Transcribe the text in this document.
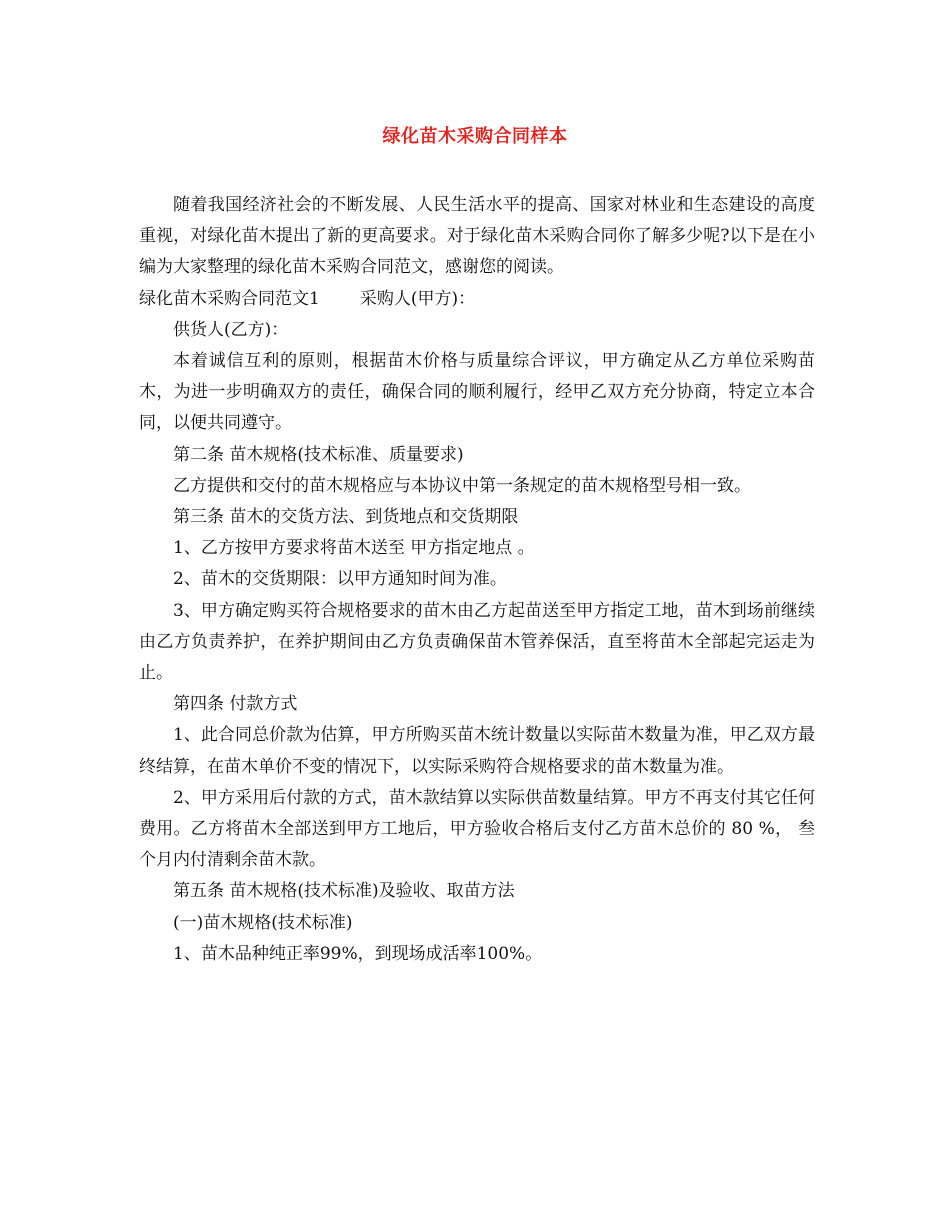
绿化苗木采购合同样本

随着我国经济社会的不断发展、人民生活水平的提高、国家对林业和生态建设的高度重视，对绿化苗木提出了新的更高要求。对于绿化苗木采购合同你了解多少呢?以下是在小编为大家整理的绿化苗木采购合同范文，感谢您的阅读。

绿化苗木采购合同范文1 采购人(甲方)：

供货人(乙方)：

本着诚信互利的原则，根据苗木价格与质量综合评议，甲方确定从乙方单位采购苗木，为进一步明确双方的责任，确保合同的顺利履行，经甲乙双方充分协商，特定立本合同，以便共同遵守。

第二条 苗木规格(技术标准、质量要求)

乙方提供和交付的苗木规格应与本协议中第一条规定的苗木规格型号相一致。

第三条 苗木的交货方法、到货地点和交货期限

1、乙方按甲方要求将苗木送至 甲方指定地点 。

2、苗木的交货期限：以甲方通知时间为准。

3、甲方确定购买符合规格要求的苗木由乙方起苗送至甲方指定工地，苗木到场前继续由乙方负责养护，在养护期间由乙方负责确保苗木管养保活，直至将苗木全部起完运走为止。

第四条 付款方式

1、此合同总价款为估算，甲方所购买苗木统计数量以实际苗木数量为准，甲乙双方最终结算，在苗木单价不变的情况下，以实际采购符合规格要求的苗木数量为准。

2、甲方采用后付款的方式，苗木款结算以实际供苗数量结算。甲方不再支付其它任何费用。乙方将苗木全部送到甲方工地后，甲方验收合格后支付乙方苗木总价的 80 %， 叁 个月内付清剩余苗木款。

第五条 苗木规格(技术标准)及验收、取苗方法

(一)苗木规格(技术标准)

1、苗木品种纯正率99%，到现场成活率100%。
